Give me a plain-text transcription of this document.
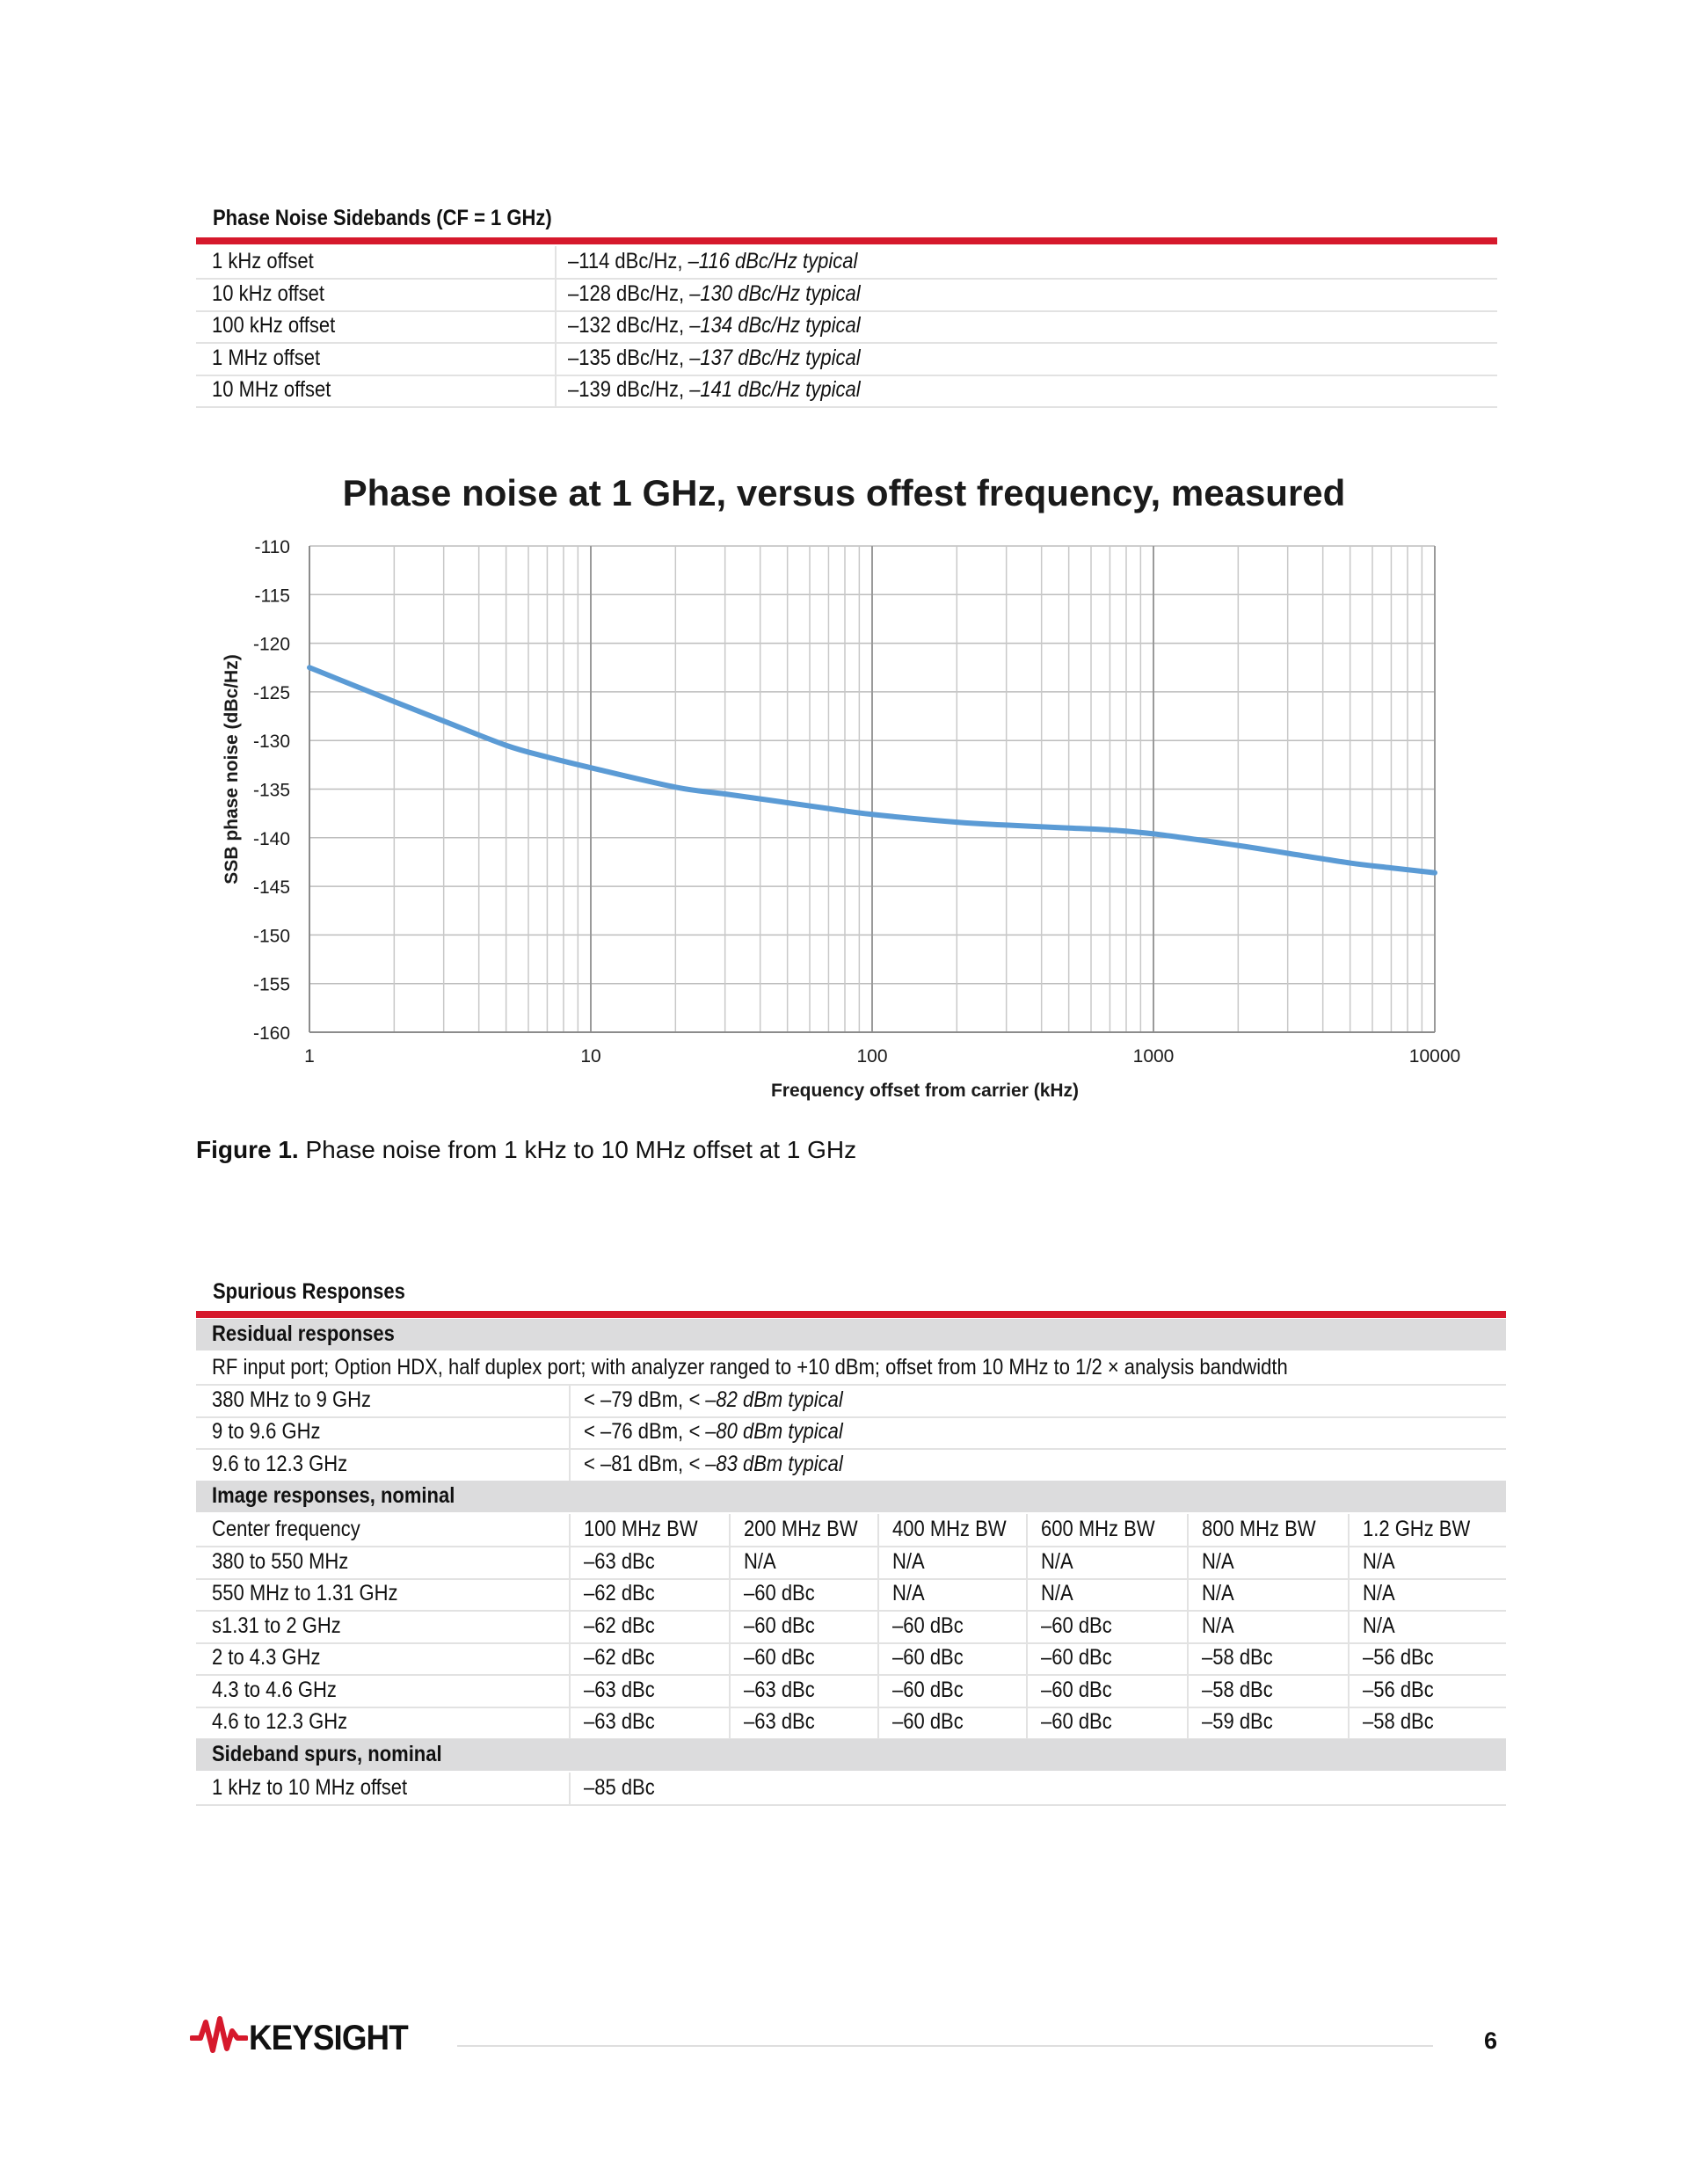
Phase Noise Sidebands (CF = 1 GHz)
1 kHz offset	–114 dBc/Hz, –116 dBc/Hz typical
10 kHz offset	–128 dBc/Hz, –130 dBc/Hz typical
100 kHz offset	–132 dBc/Hz, –134 dBc/Hz typical
1 MHz offset	–135 dBc/Hz, –137 dBc/Hz typical
10 MHz offset	–139 dBc/Hz, –141 dBc/Hz typical
Phase noise at 1 GHz, versus offest frequency, measured
-110
-115
-120
-125
-130
-135
-140
-145
-150
-155
-160
1	10	100	1000	10000
SSB phase noise (dBc/Hz)
Frequency offset from carrier (kHz)
Figure 1. Phase noise from 1 kHz to 10 MHz offset at 1 GHz
Spurious Responses
Residual responses
RF input port; Option HDX, half duplex port; with analyzer ranged to +10 dBm; offset from 10 MHz to 1/2 × analysis bandwidth
380 MHz to 9 GHz	< –79 dBm, < –82 dBm typical
9 to 9.6 GHz	< –76 dBm, < –80 dBm typical
9.6 to 12.3 GHz	< –81 dBm, < –83 dBm typical
Image responses, nominal
Center frequency	100 MHz BW 200 MHz BW 400 MHz BW 600 MHz BW 800 MHz BW 1.2 GHz BW
380 to 550 MHz	–63 dBc	N/A	N/A	N/A	N/A	N/A
550 MHz to 1.31 GHz	–62 dBc	–60 dBc	N/A	N/A	N/A	N/A
s1.31 to 2 GHz	–62 dBc	–60 dBc	–60 dBc	–60 dBc	N/A	N/A
2 to 4.3 GHz	–62 dBc	–60 dBc	–60 dBc	–60 dBc	–58 dBc	–56 dBc
4.3 to 4.6 GHz	–63 dBc	–63 dBc	–60 dBc	–60 dBc	–58 dBc	–56 dBc
4.6 to 12.3 GHz	–63 dBc	–63 dBc	–60 dBc	–60 dBc	–59 dBc	–58 dBc
Sideband spurs, nominal
1 kHz to 10 MHz offset	–85 dBc
KEYSIGHT	6
